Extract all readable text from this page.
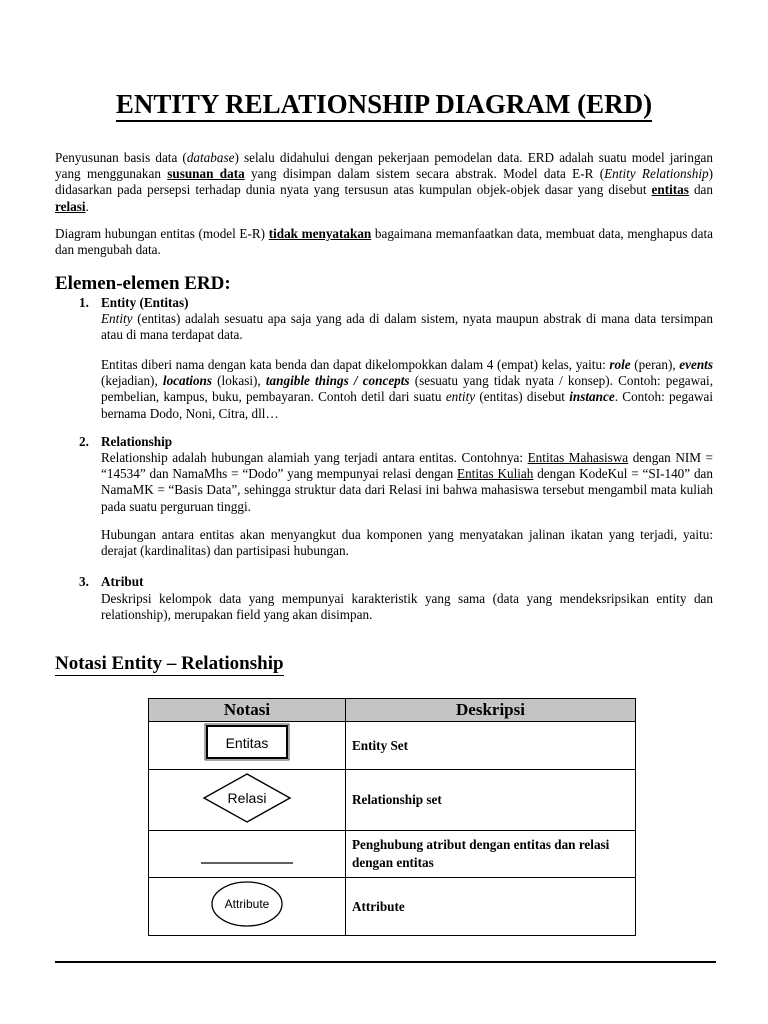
ENTITY RELATIONSHIP DIAGRAM (ERD)

Penyusunan basis data (database) selalu didahului dengan pekerjaan pemodelan data. ERD adalah suatu model jaringan yang menggunakan susunan data yang disimpan dalam sistem secara abstrak. Model data E-R (Entity Relationship) didasarkan pada persepsi terhadap dunia nyata yang tersusun atas kumpulan objek-objek dasar yang disebut entitas dan relasi.

Diagram hubungan entitas (model E-R) tidak menyatakan bagaimana memanfaatkan data, membuat data, menghapus data dan mengubah data.

Elemen-elemen ERD:
1. Entity (Entitas)

Entity (entitas) adalah sesuatu apa saja yang ada di dalam sistem, nyata maupun abstrak di mana data tersimpan atau di mana terdapat data.

Entitas diberi nama dengan kata benda dan dapat dikelompokkan dalam 4 (empat) kelas, yaitu: role (peran), events (kejadian), locations (lokasi), tangible things / concepts (sesuatu yang tidak nyata / konsep). Contoh: pegawai, pembelian, kampus, buku, pembayaran. Contoh detil dari suatu entity (entitas) disebut instance. Contoh: pegawai bernama Dodo, Noni, Citra, dll…

2. Relationship

Relationship adalah hubungan alamiah yang terjadi antara entitas. Contohnya: Entitas Mahasiswa dengan NIM = “14534” dan NamaMhs = “Dodo” yang mempunyai relasi dengan Entitas Kuliah dengan KodeKul = “SI-140” dan NamaMK = “Basis Data”, sehingga struktur data dari Relasi ini bahwa mahasiswa tersebut mengambil mata kuliah pada suatu perguruan tinggi.

Hubungan antara entitas akan menyangkut dua komponen yang menyatakan jalinan ikatan yang terjadi, yaitu: derajat (kardinalitas) dan partisipasi hubungan.

3. Atribut

Deskripsi kelompok data yang mempunyai karakteristik yang sama (data yang mendeksripsikan entity dan relationship), merupakan field yang akan disimpan.

Notasi Entity – Relationship
Notasi	Deskripsi

Entitas	Entity Set

Relasi	Relationship set
	Penghubung atribut dengan entitas dan relasi dengan entitas

Attribute	Attribute
